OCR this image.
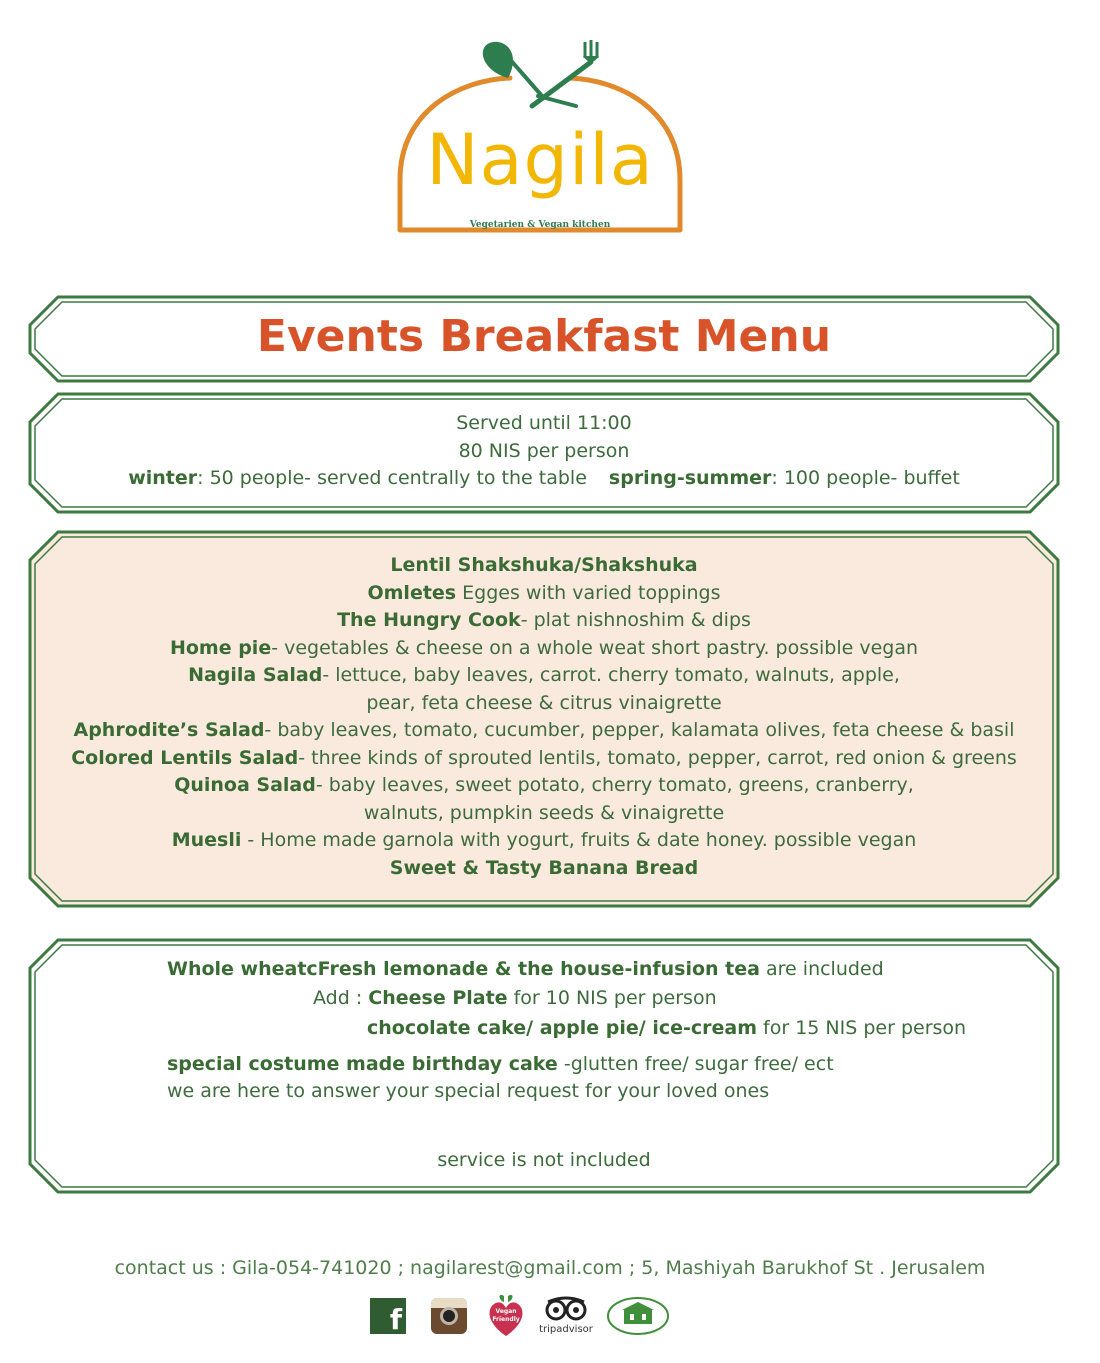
Nagila
Vegetarien & Vegan kitchen
Events Breakfast Menu
Served until 11:00
80 NIS per person
winter: 50 people- served centrally to the table spring-summer: 100 people- buffet
Lentil Shakshuka/Shakshuka
Omletes Egges with varied toppings
The Hungry Cook- plat nishnoshim & dips
Home pie- vegetables & cheese on a whole weat short pastry. possible vegan
Nagila Salad- lettuce, baby leaves, carrot. cherry tomato, walnuts, apple,
pear, feta cheese & citrus vinaigrette
Aphrodite’s Salad- baby leaves, tomato, cucumber, pepper, kalamata olives, feta cheese & basil
Colored Lentils Salad- three kinds of sprouted lentils, tomato, pepper, carrot, red onion & greens
Quinoa Salad- baby leaves, sweet potato, cherry tomato, greens, cranberry,
walnuts, pumpkin seeds & vinaigrette
Muesli - Home made garnola with yogurt, fruits & date honey. possible vegan
Sweet & Tasty Banana Bread
Whole wheatcFresh lemonade & the house-infusion tea are included
Add : Cheese Plate for 10 NIS per person
chocolate cake/ apple pie/ ice-cream for 15 NIS per person
special costume made birthday cake -glutten free/ sugar free/ ect
we are here to answer your special request for your loved ones
service is not included
contact us : Gila-054-741020 ; nagilarest@gmail.com ; 5, Mashiyah Barukhof St . Jerusalem
f	Vegan Friendly
tripadvisor
